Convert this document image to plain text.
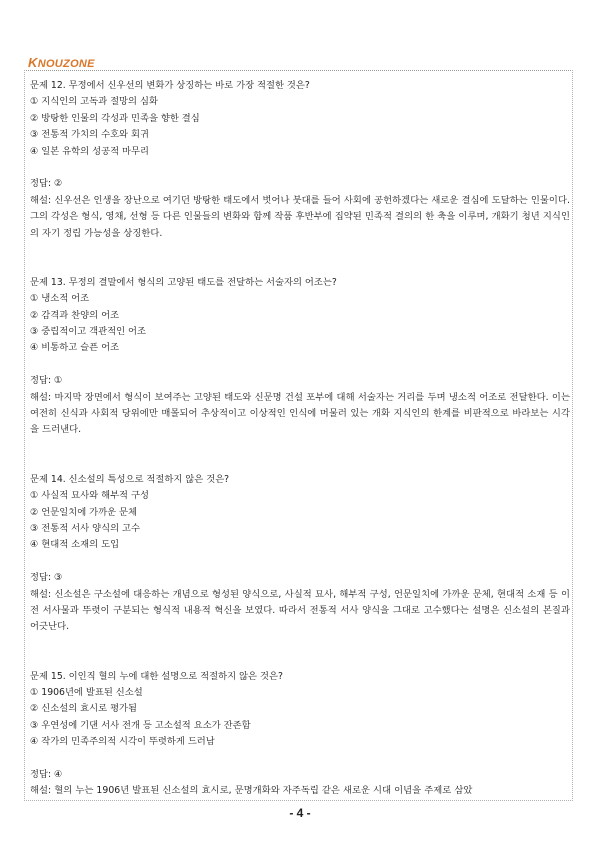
KNOUZONE

문제 12. 무정에서 신우선의 변화가 상징하는 바로 가장 적절한 것은?

① 지식인의 고독과 절망의 심화

② 방탕한 인물의 각성과 민족을 향한 결심

③ 전통적 가치의 수호와 회귀

④ 일본 유학의 성공적 마무리

정답: ②

해설: 신우선은 인생을 장난으로 여기던 방탕한 태도에서 벗어나 붓대를 들어 사회에 공헌하겠다는 새로운 결심에 도달하는 인물이다. 그의 각성은 형식, 영채, 선형 등 다른 인물들의 변화와 함께 작품 후반부에 집약된 민족적 결의의 한 축을 이루며, 개화기 청년 지식인의 자기 정립 가능성을 상징한다.

문제 13. 무정의 결말에서 형식의 고양된 태도를 전달하는 서술자의 어조는?

① 냉소적 어조

② 감격과 찬양의 어조

③ 중립적이고 객관적인 어조

④ 비통하고 슬픈 어조

정답: ①

해설: 마지막 장면에서 형식이 보여주는 고양된 태도와 신문명 건설 포부에 대해 서술자는 거리를 두며 냉소적 어조로 전달한다. 이는 여전히 신식과 사회적 당위에만 매몰되어 추상적이고 이상적인 인식에 머물러 있는 개화 지식인의 한계를 비판적으로 바라보는 시각을 드러낸다.

문제 14. 신소설의 특성으로 적절하지 않은 것은?

① 사실적 묘사와 해부적 구성

② 언문일치에 가까운 문체

③ 전통적 서사 양식의 고수

④ 현대적 소재의 도입

정답: ③

해설: 신소설은 구소설에 대응하는 개념으로 형성된 양식으로, 사실적 묘사, 해부적 구성, 언문일치에 가까운 문체, 현대적 소재 등 이전 서사물과 뚜렷이 구분되는 형식적 내용적 혁신을 보였다. 따라서 전통적 서사 양식을 그대로 고수했다는 설명은 신소설의 본질과 어긋난다.

문제 15. 이인직 혈의 누에 대한 설명으로 적절하지 않은 것은?

① 1906년에 발표된 신소설

② 신소설의 효시로 평가됨

③ 우연성에 기댄 서사 전개 등 고소설적 요소가 잔존함

④ 작가의 민족주의적 시각이 뚜렷하게 드러남

정답: ④

해설: 혈의 누는 1906년 발표된 신소설의 효시로, 문명개화와 자주독립 같은 새로운 시대 이념을 주제로 삼았

- 4 -
